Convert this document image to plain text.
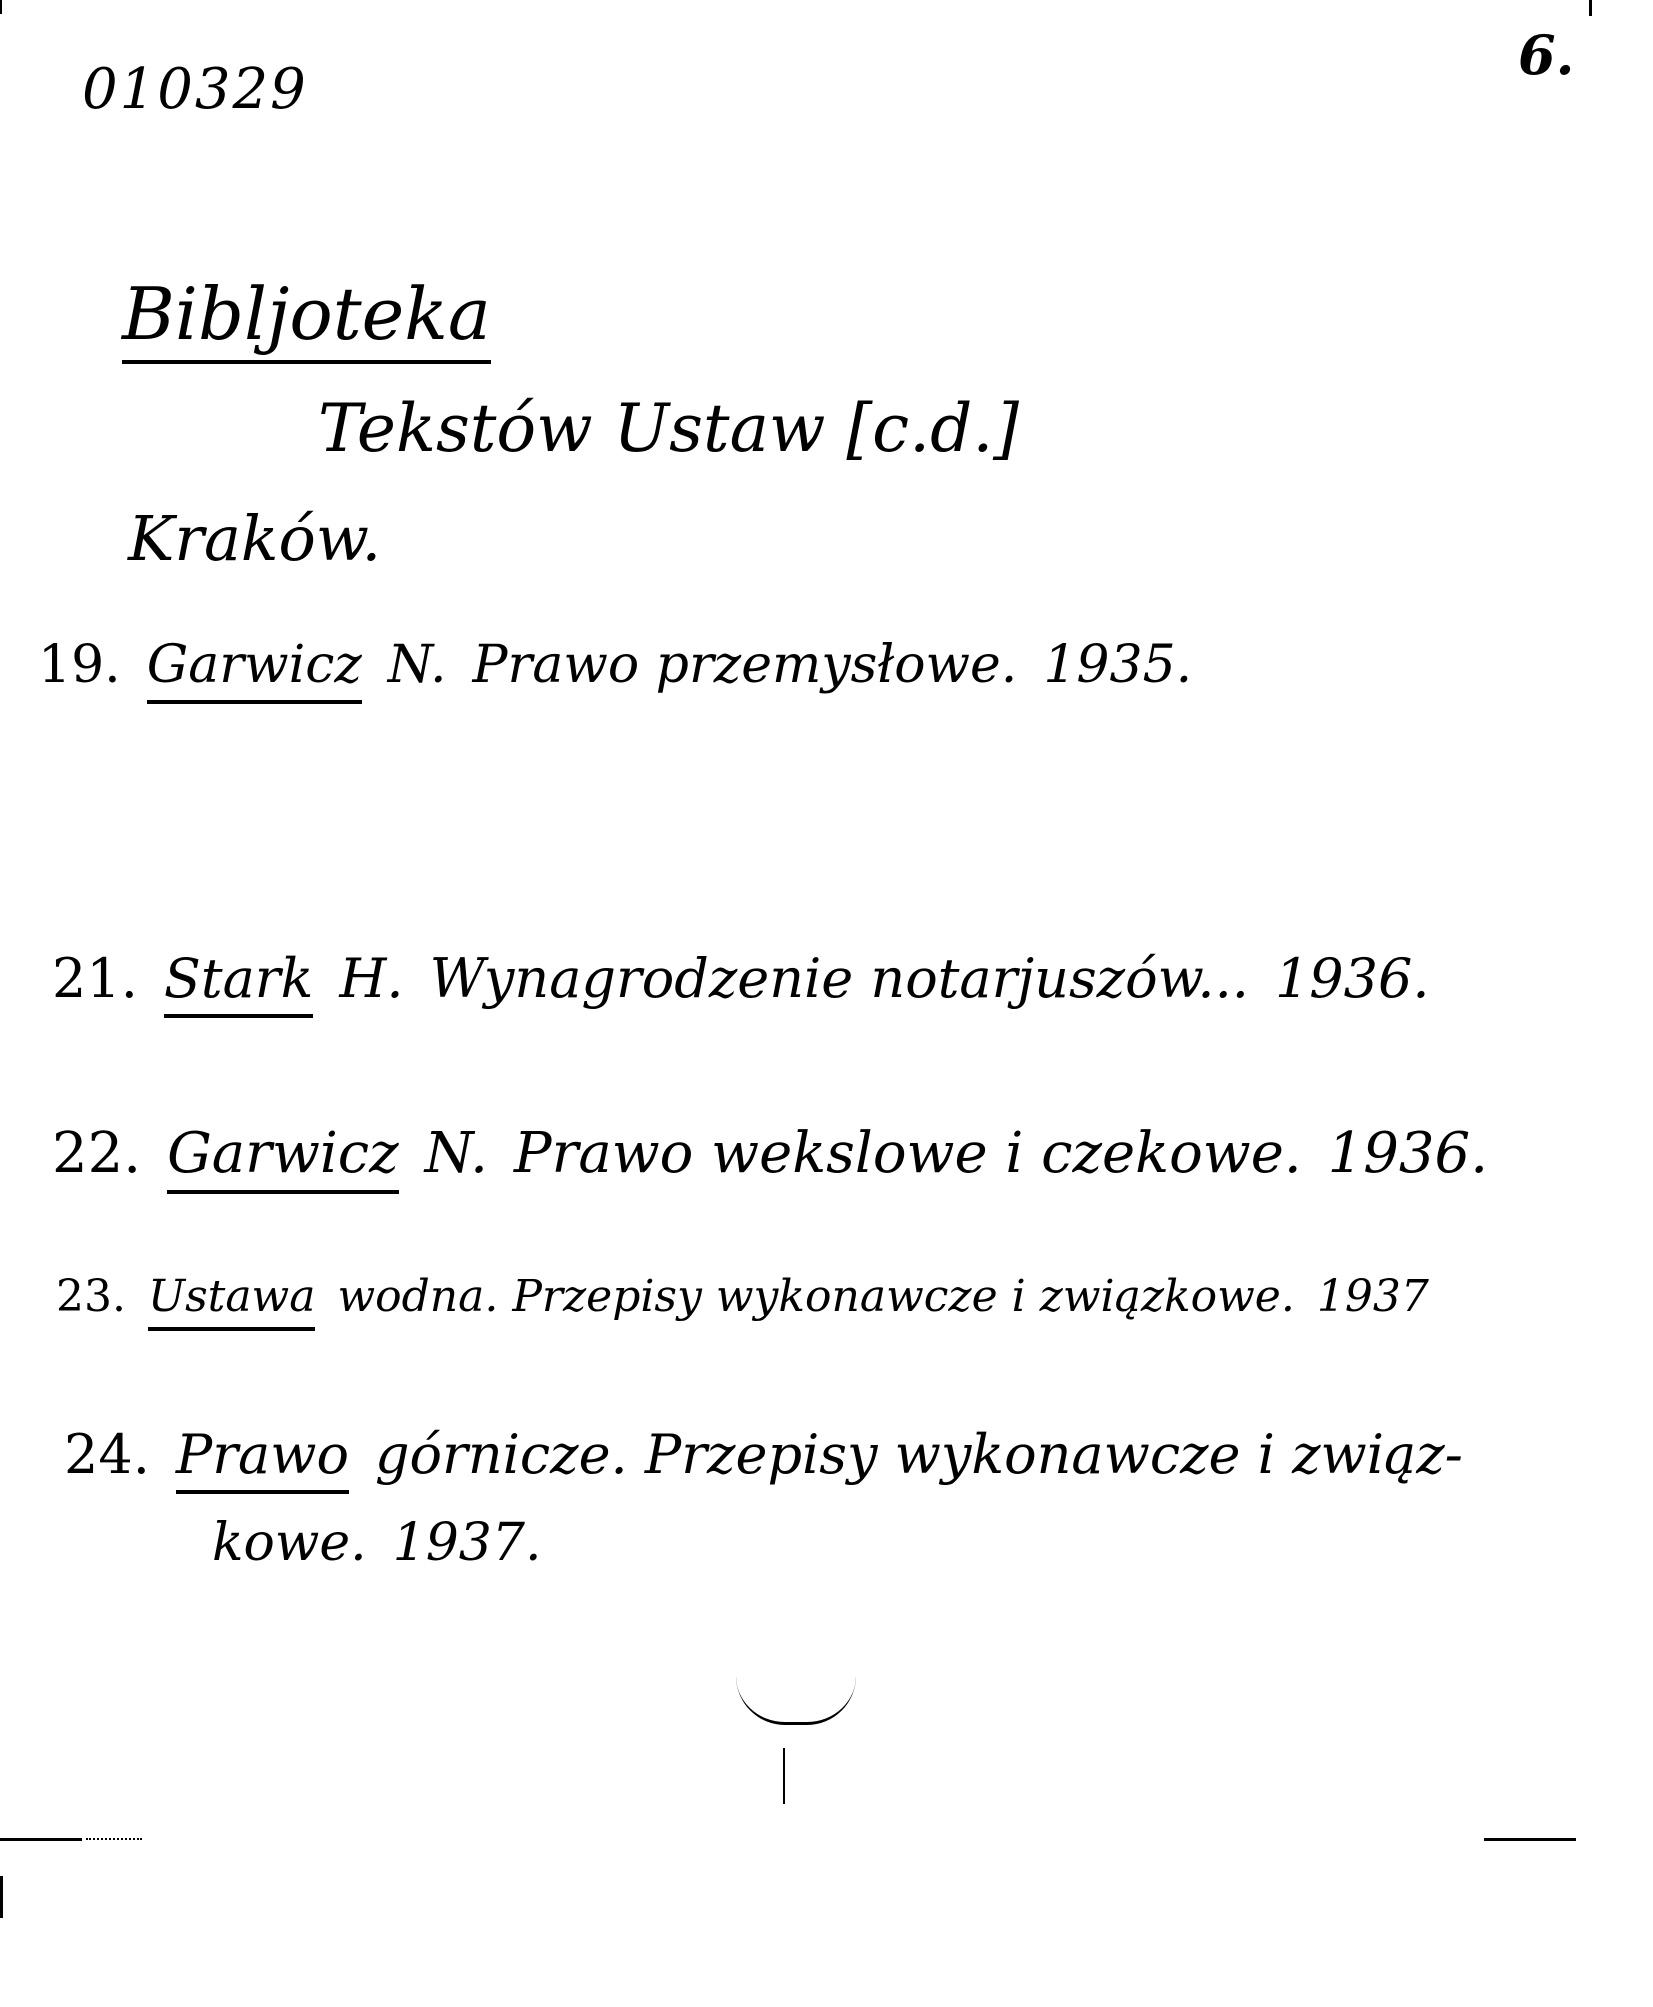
010329
6.
Bibljoteka
Tekstów Ustaw [c.d.]
Kraków.
19. Garwicz N. Prawo przemysłowe. 1935.
21. Stark H. Wynagrodzenie notarjuszów... 1936.
22. Garwicz N. Prawo wekslowe i czekowe. 1936.
23. Ustawa wodna. Przepisy wykonawcze i związkowe. 1937
24. Prawo górnicze. Przepisy wykonawcze i związ-
kowe. 1937.
